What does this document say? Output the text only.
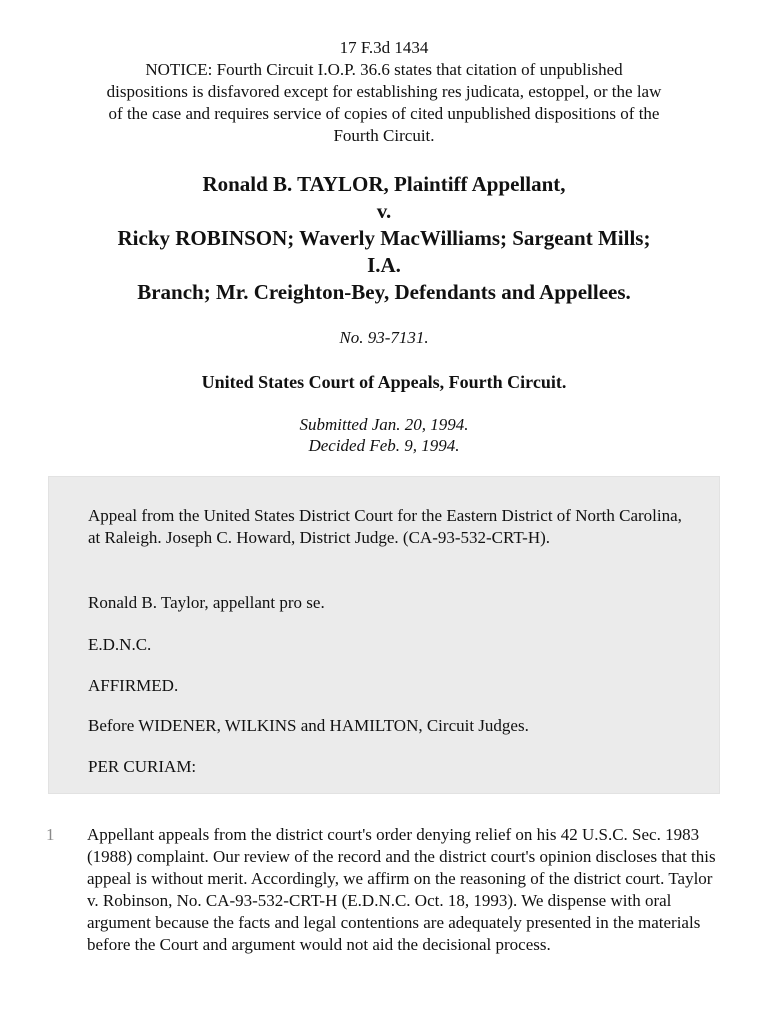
17 F.3d 1434
NOTICE: Fourth Circuit I.O.P. 36.6 states that citation of unpublished
dispositions is disfavored except for establishing res judicata, estoppel, or the law
of the case and requires service of copies of cited unpublished dispositions of the
Fourth Circuit.
Ronald B. TAYLOR, Plaintiff Appellant,
v.
Ricky ROBINSON; Waverly MacWilliams; Sargeant Mills;
I.A.
Branch; Mr. Creighton-Bey, Defendants and Appellees.
No. 93-7131.
United States Court of Appeals, Fourth Circuit.
Submitted Jan. 20, 1994.
Decided Feb. 9, 1994.

Appeal from the United States District Court for the Eastern District of North Carolina, at Raleigh. Joseph C. Howard, District Judge. (CA-93-532-CRT-H).

Ronald B. Taylor, appellant pro se.

E.D.N.C.

AFFIRMED.

Before WIDENER, WILKINS and HAMILTON, Circuit Judges.

PER CURIAM:

1 Appellant appeals from the district court's order denying relief on his 42 U.S.C. Sec. 1983 (1988) complaint. Our review of the record and the district court's opinion discloses that this appeal is without merit. Accordingly, we affirm on the reasoning of the district court. Taylor v. Robinson, No. CA-93-532-CRT-H (E.D.N.C. Oct. 18, 1993). We dispense with oral argument because the facts and legal contentions are adequately presented in the materials before the Court and argument would not aid the decisional process.
